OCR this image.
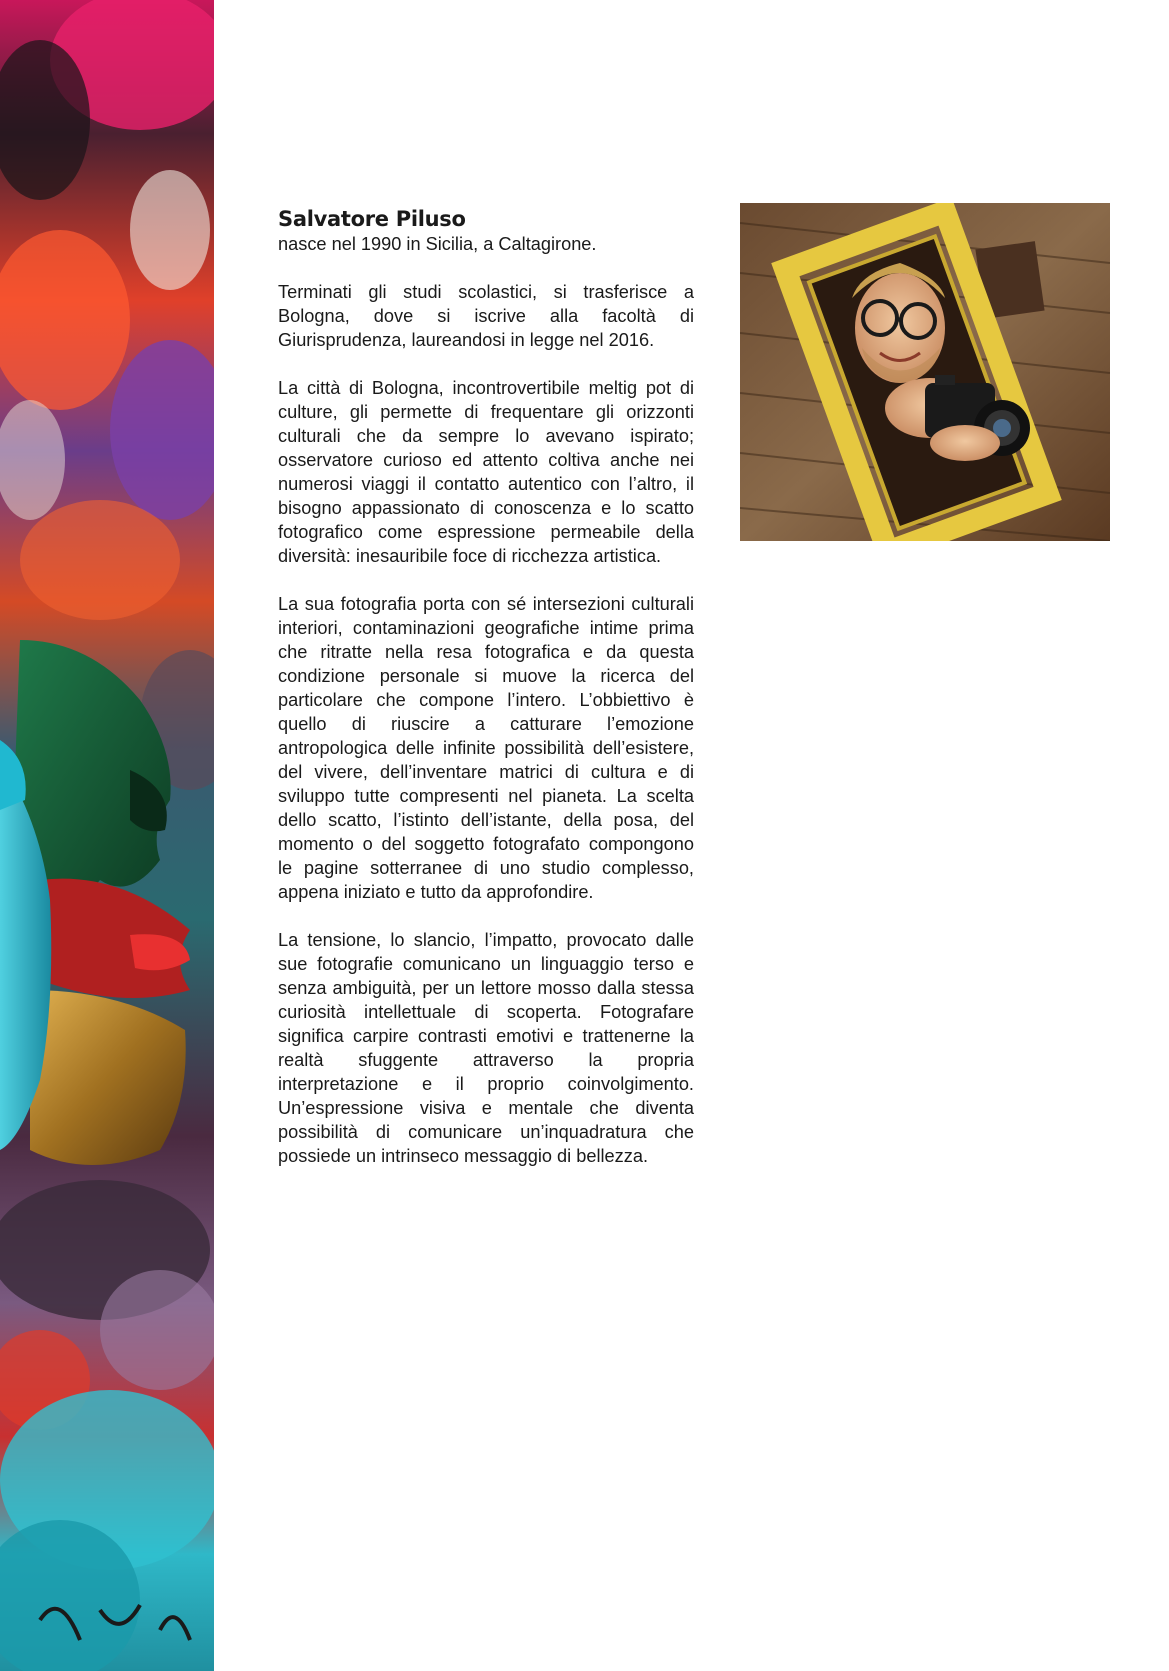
Salvatore Piluso

nasce nel 1990 in Sicilia, a Caltagirone.

Terminati gli studi scolastici, si trasferisce a Bologna, dove si iscrive alla facoltà di Giurisprudenza, laureandosi in legge nel 2016.

La città di Bologna, incontrovertibile meltig pot di culture, gli permette di frequentare gli orizzonti culturali che da sempre lo avevano ispirato; osservatore curioso ed attento coltiva anche nei numerosi viaggi il contatto autentico con l’altro, il bisogno appassionato di conoscenza e lo scatto fotografico come espressione permeabile della diversità: inesauribile foce di ricchezza artistica.

La sua fotografia porta con sé intersezioni culturali interiori, contaminazioni geografiche intime prima che ritratte nella resa fotografica e da questa condizione personale si muove la ricerca del particolare che compone l’intero. L’obbiettivo è quello di riuscire a catturare l’emozione antropologica delle infinite possibilità dell’esistere, del vivere, dell’inventare matrici di cultura e di sviluppo tutte compresenti nel pianeta. La scelta dello scatto, l’istinto dell’istante, della posa, del momento o del soggetto fotografato compongono le pagine sotterranee di uno studio complesso, appena iniziato e tutto da approfondire.

La tensione, lo slancio, l’impatto, provocato dalle sue fotografie comunicano un linguaggio terso e senza ambiguità, per un lettore mosso dalla stessa curiosità intellettuale di scoperta. Fotografare significa carpire contrasti emotivi e trattenerne la realtà sfuggente attraverso la propria interpretazione e il proprio coinvolgimento. Un’espressione visiva e mentale che diventa possibilità di comunicare un’inquadratura che possiede un intrinseco messaggio di bellezza.
